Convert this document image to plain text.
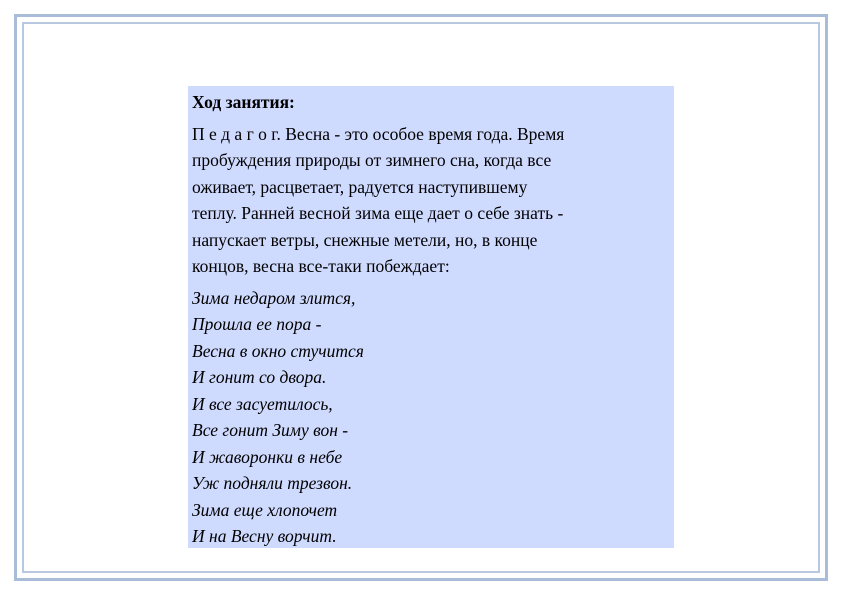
Ход занятия:
П е д а г о г. Весна - это особое время года. Время
пробуждения природы от зимнего сна, когда все
оживает, расцветает, радуется наступившему
теплу. Ранней весной зима еще дает о себе знать -
напускает ветры, снежные метели, но, в конце
концов, весна все-таки побеждает:
Зима недаром злится,
Прошла ее пора -
Весна в окно стучится
И гонит со двора.
И все засуетилось,
Все гонит Зиму вон -
И жаворонки в небе
Уж подняли трезвон.
Зима еще хлопочет
И на Весну ворчит.
